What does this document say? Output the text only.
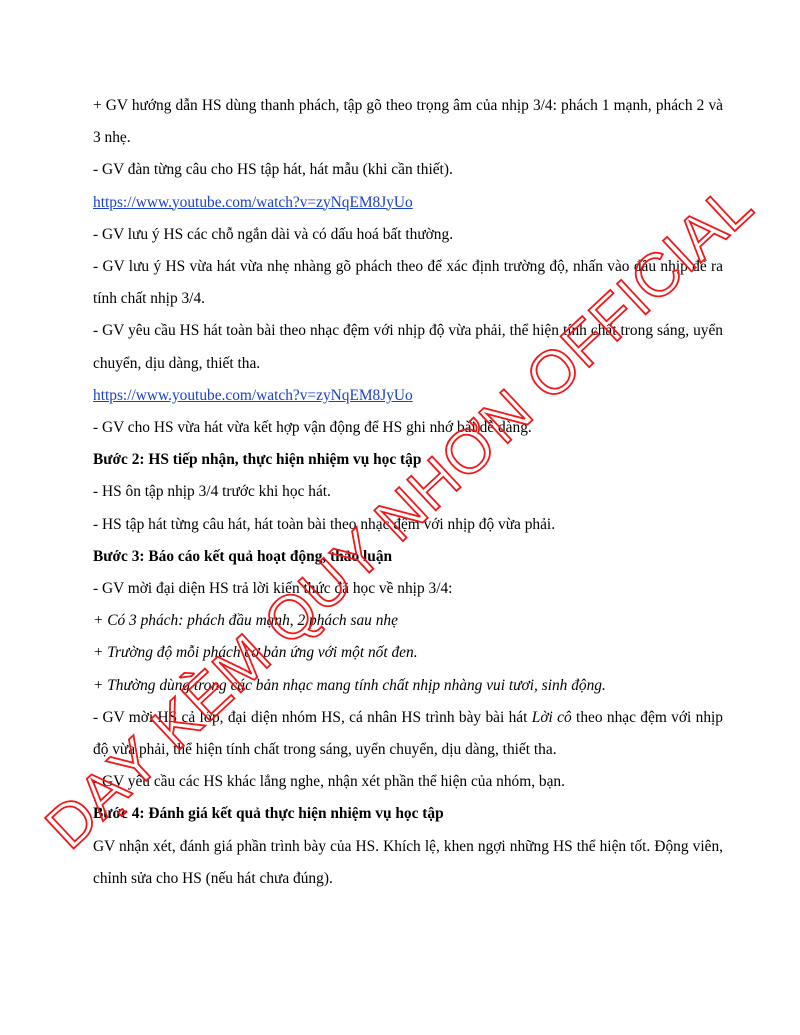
+ GV hướng dẫn HS dùng thanh phách, tập gõ theo trọng âm của nhịp 3/4: phách 1 mạnh, phách 2 và 3 nhẹ.

- GV đàn từng câu cho HS tập hát, hát mẫu (khi cần thiết).

https://www.youtube.com/watch?v=zyNqEM8JyUo

- GV lưu ý HS các chỗ ngắn dài và có dấu hoá bất thường.

- GV lưu ý HS vừa hát vừa nhẹ nhàng gõ phách theo để xác định trường độ, nhấn vào đầu nhịp để ra tính chất nhịp 3/4.

- GV yêu cầu HS hát toàn bài theo nhạc đệm với nhịp độ vừa phải, thể hiện tính chất trong sáng, uyển chuyển, dịu dàng, thiết tha.

https://www.youtube.com/watch?v=zyNqEM8JyUo

- GV cho HS vừa hát vừa kết hợp vận động để HS ghi nhớ bài dễ dàng.

Bước 2: HS tiếp nhận, thực hiện nhiệm vụ học tập

- HS ôn tập nhịp 3/4 trước khi học hát.

- HS tập hát từng câu hát, hát toàn bài theo nhạc đệm với nhịp độ vừa phải.

Bước 3: Báo cáo kết quả hoạt động, thảo luận

- GV mời đại diện HS trả lời kiến thức đã học về nhịp 3/4:

+ Có 3 phách: phách đầu mạnh, 2 phách sau nhẹ

+ Trường độ mỗi phách cơ bản ứng với một nốt đen.

+ Thường dùng trong các bản nhạc mang tính chất nhịp nhàng vui tươi, sinh động.

- GV mời HS cả lớp, đại diện nhóm HS, cá nhân HS trình bày bài hát Lời cô theo nhạc đệm với nhịp độ vừa phải, thể hiện tính chất trong sáng, uyển chuyển, dịu dàng, thiết tha.

- GV yêu cầu các HS khác lắng nghe, nhận xét phần thể hiện của nhóm, bạn.

Bước 4: Đánh giá kết quả thực hiện nhiệm vụ học tập

GV nhận xét, đánh giá phần trình bày của HS. Khích lệ, khen ngợi những HS thể hiện tốt. Động viên, chỉnh sửa cho HS (nếu hát chưa đúng).

DẠY KÈM QUY NHƠN OFFICIAL
